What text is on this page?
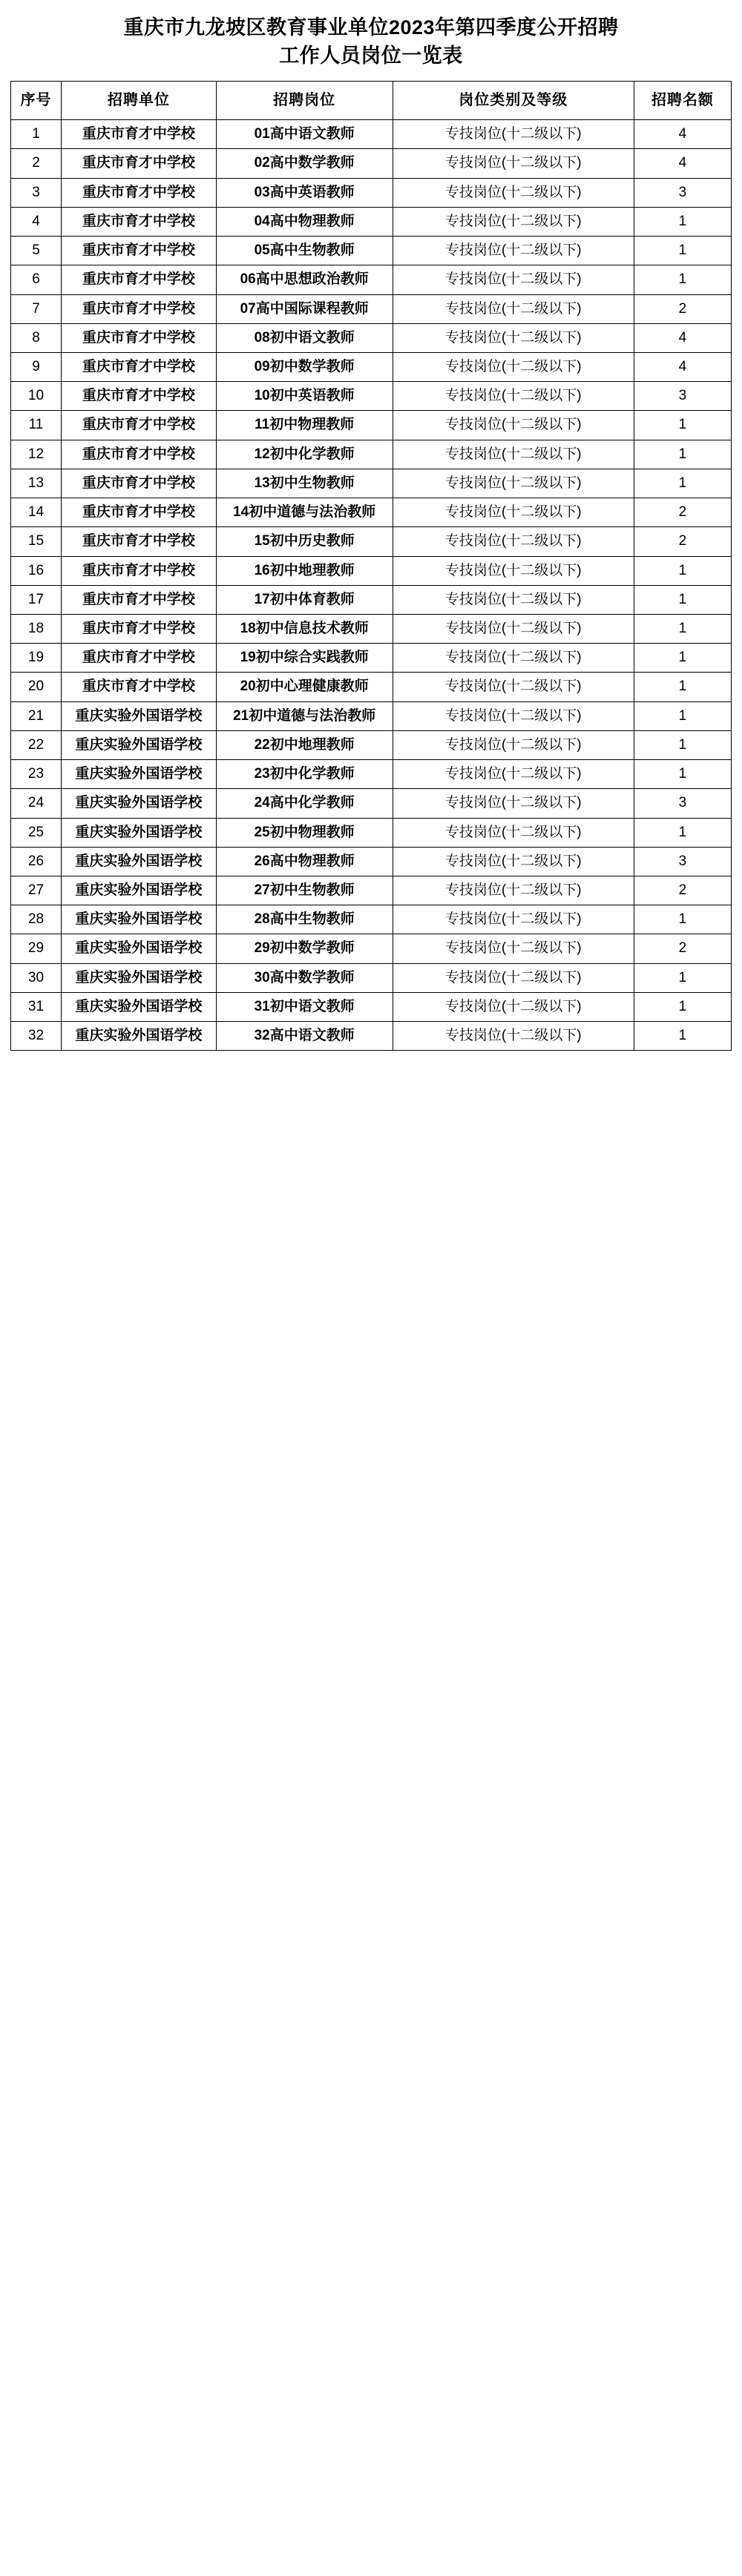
重庆市九龙坡区教育事业单位2023年第四季度公开招聘
工作人员岗位一览表
序号	招聘单位	招聘岗位	岗位类别及等级	招聘名额
1	重庆市育才中学校	01高中语文教师	专技岗位(十二级以下)	4
2	重庆市育才中学校	02高中数学教师	专技岗位(十二级以下)	4
3	重庆市育才中学校	03高中英语教师	专技岗位(十二级以下)	3
4	重庆市育才中学校	04高中物理教师	专技岗位(十二级以下)	1
5	重庆市育才中学校	05高中生物教师	专技岗位(十二级以下)	1
6	重庆市育才中学校	06高中思想政治教师	专技岗位(十二级以下)	1
7	重庆市育才中学校	07高中国际课程教师	专技岗位(十二级以下)	2
8	重庆市育才中学校	08初中语文教师	专技岗位(十二级以下)	4
9	重庆市育才中学校	09初中数学教师	专技岗位(十二级以下)	4
10	重庆市育才中学校	10初中英语教师	专技岗位(十二级以下)	3
11	重庆市育才中学校	11初中物理教师	专技岗位(十二级以下)	1
12	重庆市育才中学校	12初中化学教师	专技岗位(十二级以下)	1
13	重庆市育才中学校	13初中生物教师	专技岗位(十二级以下)	1
14	重庆市育才中学校	14初中道德与法治教师	专技岗位(十二级以下)	2
15	重庆市育才中学校	15初中历史教师	专技岗位(十二级以下)	2
16	重庆市育才中学校	16初中地理教师	专技岗位(十二级以下)	1
17	重庆市育才中学校	17初中体育教师	专技岗位(十二级以下)	1
18	重庆市育才中学校	18初中信息技术教师	专技岗位(十二级以下)	1
19	重庆市育才中学校	19初中综合实践教师	专技岗位(十二级以下)	1
20	重庆市育才中学校	20初中心理健康教师	专技岗位(十二级以下)	1
21	重庆实验外国语学校	21初中道德与法治教师	专技岗位(十二级以下)	1
22	重庆实验外国语学校	22初中地理教师	专技岗位(十二级以下)	1
23	重庆实验外国语学校	23初中化学教师	专技岗位(十二级以下)	1
24	重庆实验外国语学校	24高中化学教师	专技岗位(十二级以下)	3
25	重庆实验外国语学校	25初中物理教师	专技岗位(十二级以下)	1
26	重庆实验外国语学校	26高中物理教师	专技岗位(十二级以下)	3
27	重庆实验外国语学校	27初中生物教师	专技岗位(十二级以下)	2
28	重庆实验外国语学校	28高中生物教师	专技岗位(十二级以下)	1
29	重庆实验外国语学校	29初中数学教师	专技岗位(十二级以下)	2
30	重庆实验外国语学校	30高中数学教师	专技岗位(十二级以下)	1
31	重庆实验外国语学校	31初中语文教师	专技岗位(十二级以下)	1
32	重庆实验外国语学校	32高中语文教师	专技岗位(十二级以下)	1
